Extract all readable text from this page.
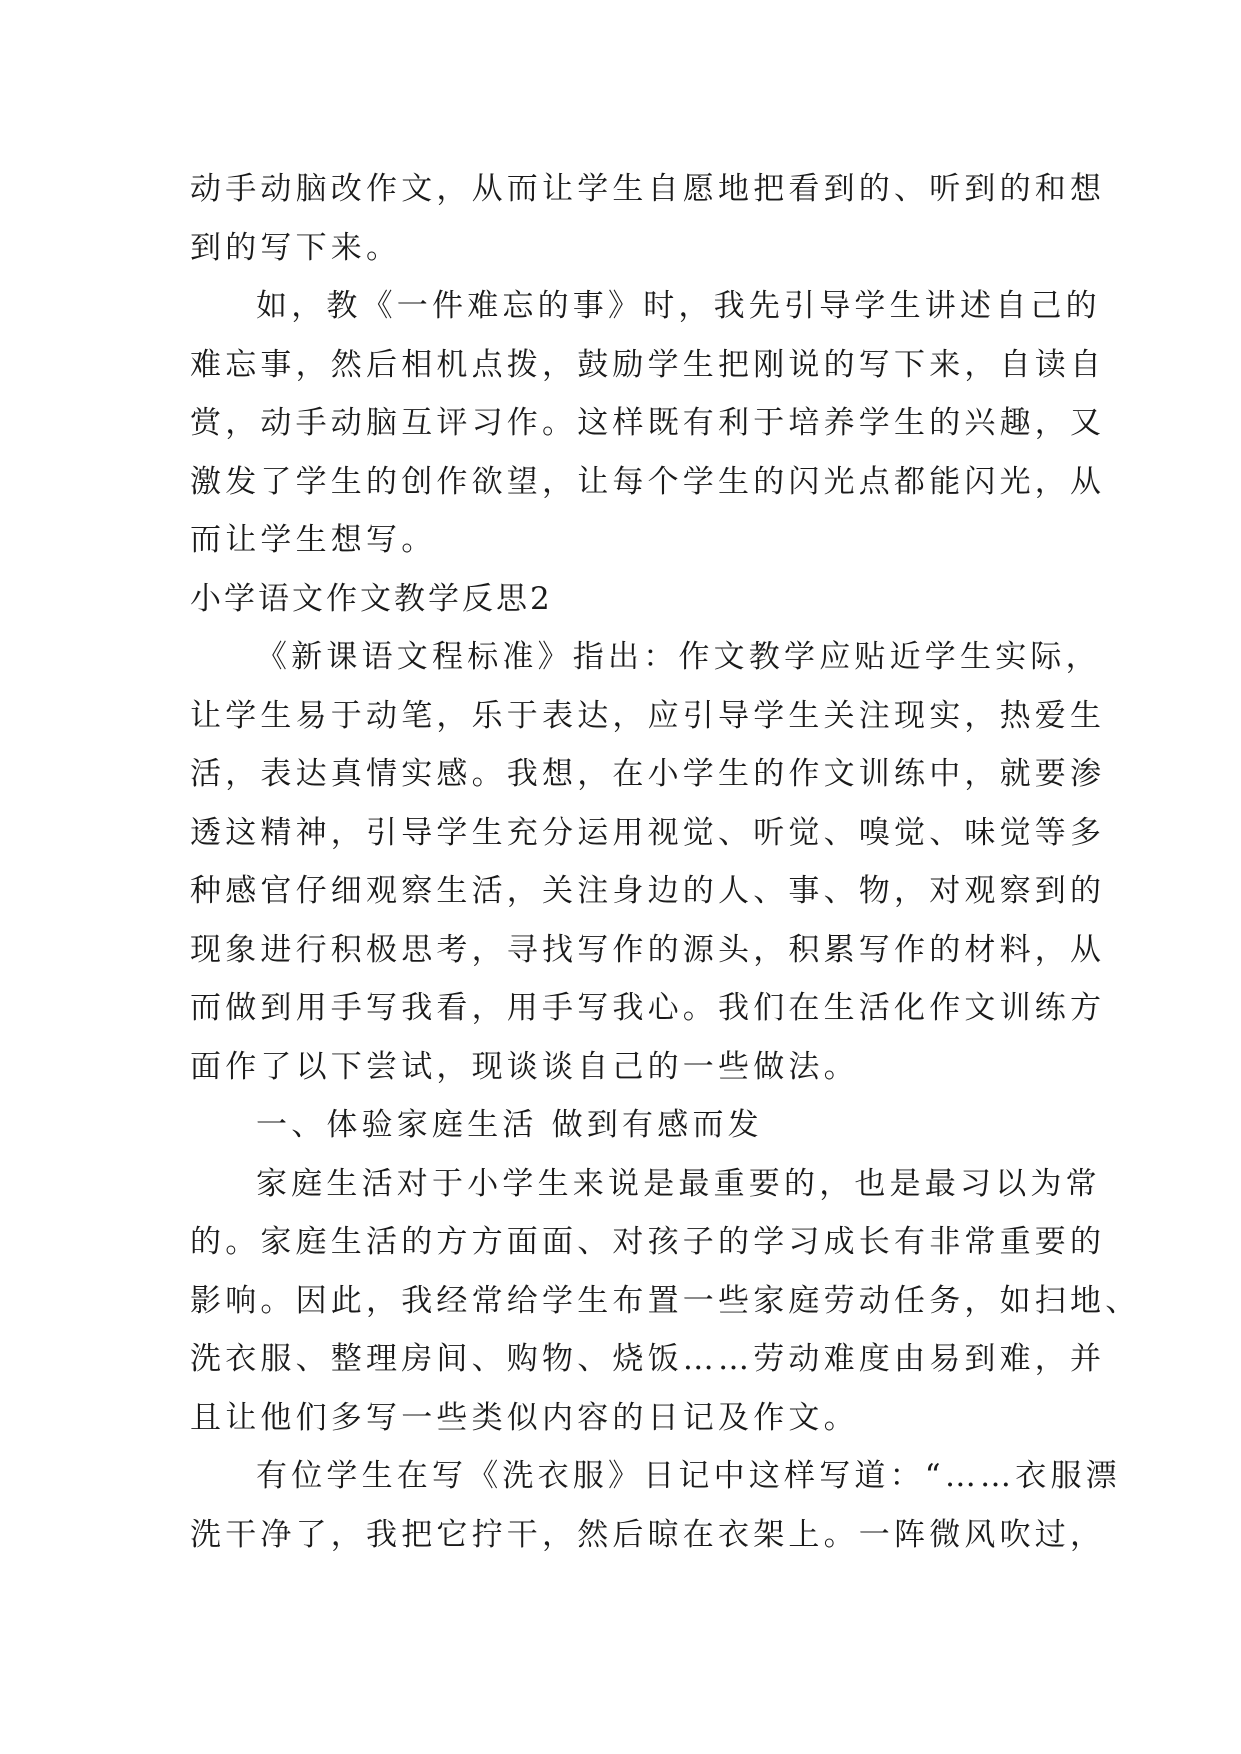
动手动脑改作文，从而让学生自愿地把看到的、听到的和想
到的写下来。
如，教《一件难忘的事》时，我先引导学生讲述自己的
难忘事，然后相机点拨，鼓励学生把刚说的写下来，自读自
赏，动手动脑互评习作。这样既有利于培养学生的兴趣，又
激发了学生的创作欲望，让每个学生的闪光点都能闪光，从
而让学生想写。
小学语文作文教学反思2
《新课语文程标准》指出：作文教学应贴近学生实际，
让学生易于动笔，乐于表达，应引导学生关注现实，热爱生
活，表达真情实感。我想，在小学生的作文训练中，就要渗
透这精神，引导学生充分运用视觉、听觉、嗅觉、味觉等多
种感官仔细观察生活，关注身边的人、事、物，对观察到的
现象进行积极思考，寻找写作的源头，积累写作的材料，从
而做到用手写我看，用手写我心。我们在生活化作文训练方
面作了以下尝试，现谈谈自己的一些做法。
一、体验家庭生活 做到有感而发
家庭生活对于小学生来说是最重要的，也是最习以为常
的。家庭生活的方方面面、对孩子的学习成长有非常重要的
影响。因此，我经常给学生布置一些家庭劳动任务，如扫地、
洗衣服、整理房间、购物、烧饭……劳动难度由易到难，并
且让他们多写一些类似内容的日记及作文。
有位学生在写《洗衣服》日记中这样写道：“……衣服漂
洗干净了，我把它拧干，然后晾在衣架上。一阵微风吹过，
